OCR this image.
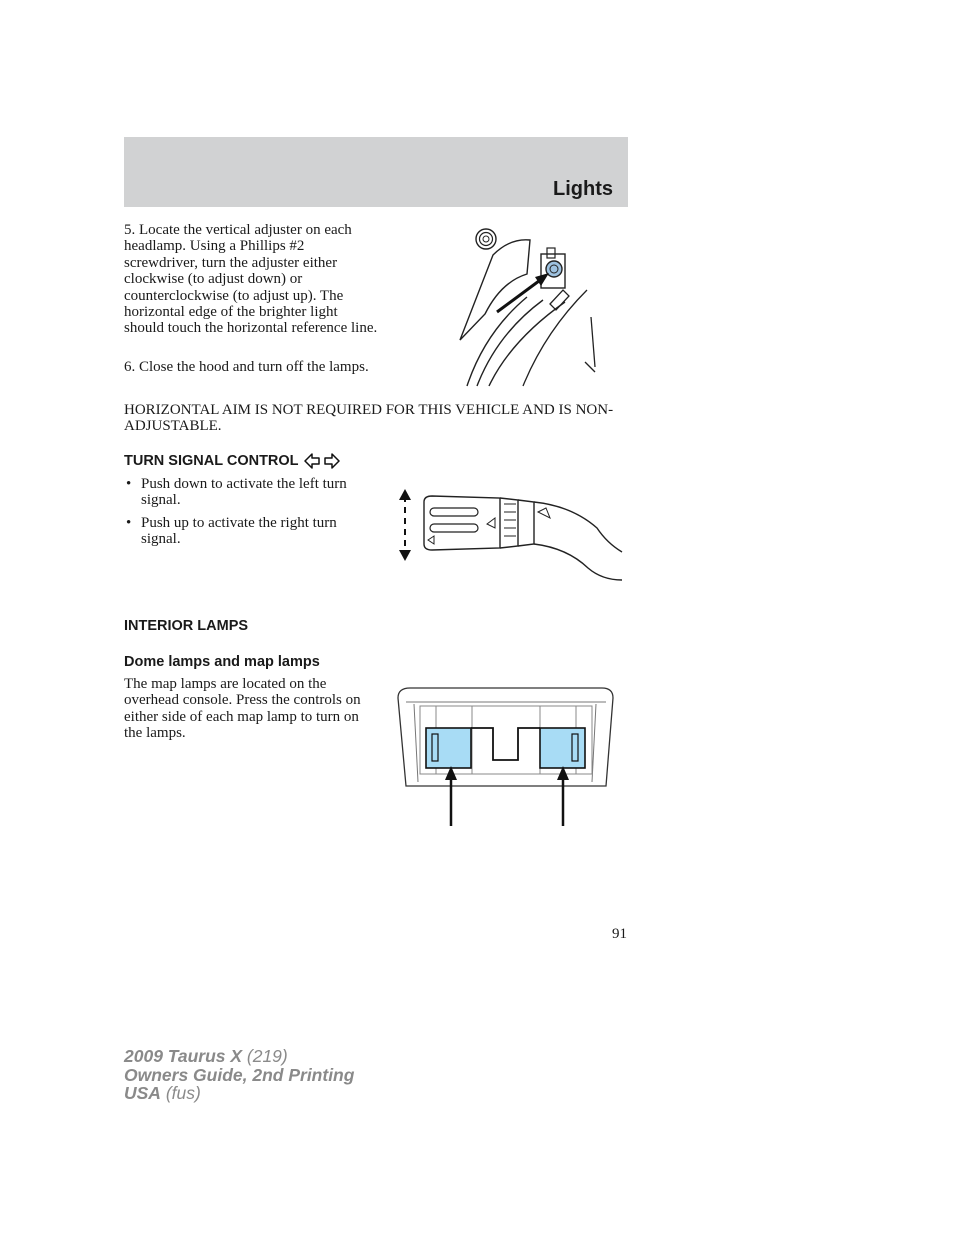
Lights

5. Locate the vertical adjuster on each headlamp. Using a Phillips #2 screwdriver, turn the adjuster either clockwise (to adjust down) or counterclockwise (to adjust up). The horizontal edge of the brighter light should touch the horizontal reference line.

6. Close the hood and turn off the lamps.

HORIZONTAL AIM IS NOT REQUIRED FOR THIS VEHICLE AND IS NON-ADJUSTABLE.

TURN SIGNAL CONTROL
• Push down to activate the left turn signal.
• Push up to activate the right turn signal.
INTERIOR LAMPS
Dome lamps and map lamps

The map lamps are located on the overhead console. Press the controls on either side of each map lamp to turn on the lamps.

91
2009 Taurus X (219)
Owners Guide, 2nd Printing
USA (fus)
